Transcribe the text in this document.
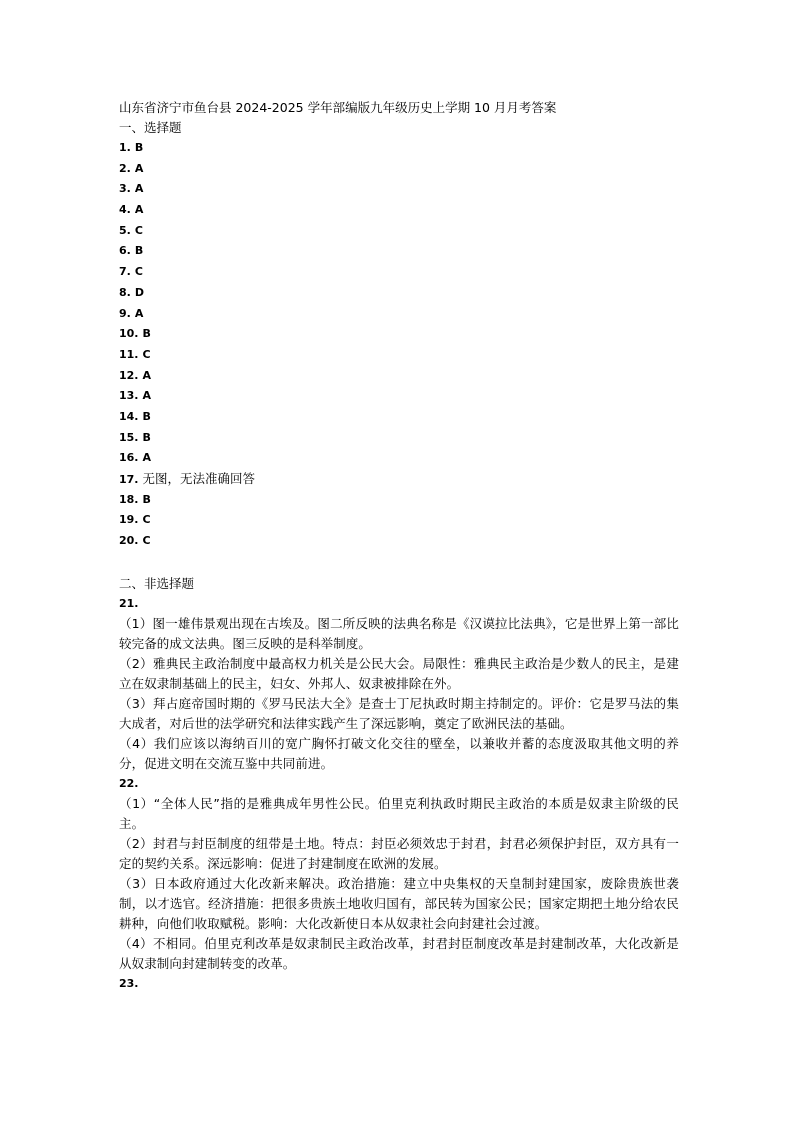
山东省济宁市鱼台县 2024-2025 学年部编版九年级历史上学期 10 月月考答案
一、选择题
1. B
2. A
3. A
4. A
5. C
6. B
7. C
8. D
9. A
10. B
11. C
12. A
13. A
14. B
15. B
16. A
17. 无图，无法准确回答
18. B
19. C
20. C
二、非选择题
21.

（1）图一雄伟景观出现在古埃及。图二所反映的法典名称是《汉谟拉比法典》，它是世界上第一部比较完备的成文法典。图三反映的是科举制度。

（2）雅典民主政治制度中最高权力机关是公民大会。局限性：雅典民主政治是少数人的民主，是建立在奴隶制基础上的民主，妇女、外邦人、奴隶被排除在外。

（3）拜占庭帝国时期的《罗马民法大全》是查士丁尼执政时期主持制定的。评价：它是罗马法的集大成者，对后世的法学研究和法律实践产生了深远影响，奠定了欧洲民法的基础。

（4）我们应该以海纳百川的宽广胸怀打破文化交往的壁垒，以兼收并蓄的态度汲取其他文明的养分，促进文明在交流互鉴中共同前进。

22.

（1）“全体人民”指的是雅典成年男性公民。伯里克利执政时期民主政治的本质是奴隶主阶级的民主。

（2）封君与封臣制度的纽带是土地。特点：封臣必须效忠于封君，封君必须保护封臣，双方具有一定的契约关系。深远影响：促进了封建制度在欧洲的发展。

（3）日本政府通过大化改新来解决。政治措施：建立中央集权的天皇制封建国家，废除贵族世袭制，以才选官。经济措施：把很多贵族土地收归国有，部民转为国家公民；国家定期把土地分给农民耕种，向他们收取赋税。影响：大化改新使日本从奴隶社会向封建社会过渡。

（4）不相同。伯里克利改革是奴隶制民主政治改革，封君封臣制度改革是封建制改革，大化改新是从奴隶制向封建制转变的改革。

23.
